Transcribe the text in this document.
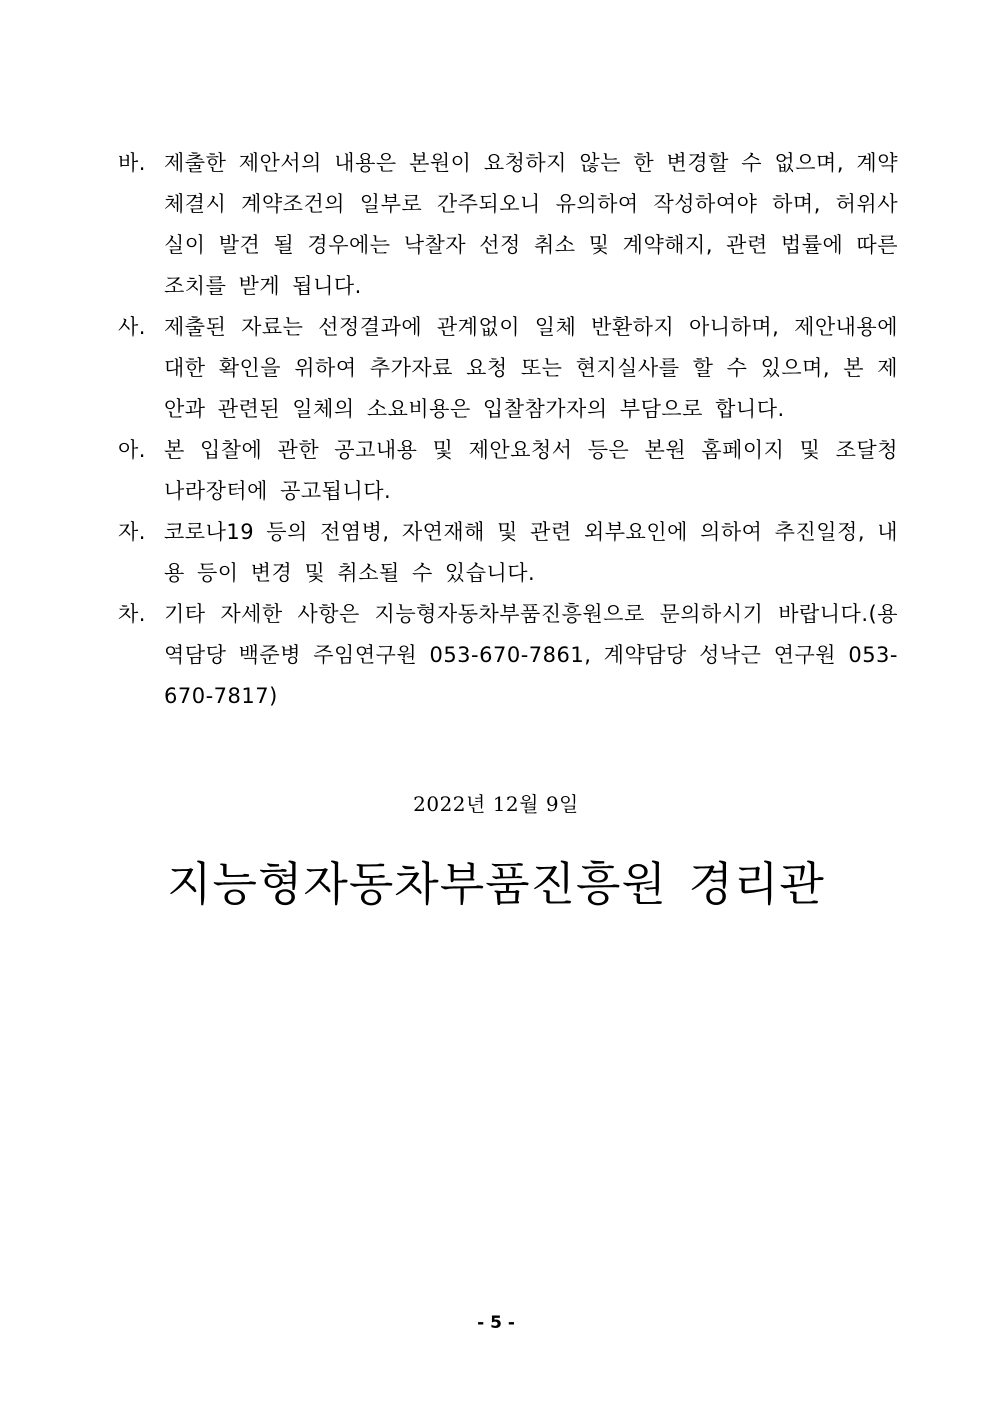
바. 제출한 제안서의 내용은 본원이 요청하지 않는 한 변경할 수 없으며, 계약 체결시 계약조건의 일부로 간주되오니 유의하여 작성하여야 하며, 허위사실이 발견 될 경우에는 낙찰자 선정 취소 및 계약해지, 관련 법률에 따른 조치를 받게 됩니다.
사. 제출된 자료는 선정결과에 관계없이 일체 반환하지 아니하며, 제안내용에 대한 확인을 위하여 추가자료 요청 또는 현지실사를 할 수 있으며, 본 제안과 관련된 일체의 소요비용은 입찰참가자의 부담으로 합니다.
아. 본 입찰에 관한 공고내용 및 제안요청서 등은 본원 홈페이지 및 조달청 나라장터에 공고됩니다.
자. 코로나19 등의 전염병, 자연재해 및 관련 외부요인에 의하여 추진일정, 내용 등이 변경 및 취소될 수 있습니다.
차. 기타 자세한 사항은 지능형자동차부품진흥원으로 문의하시기 바랍니다.(용역담당 백준병 주임연구원 053-670-7861, 계약담당 성낙근 연구원 053-670-7817)
2022년 12월 9일
지능형자동차부품진흥원 경리관
- 5 -
